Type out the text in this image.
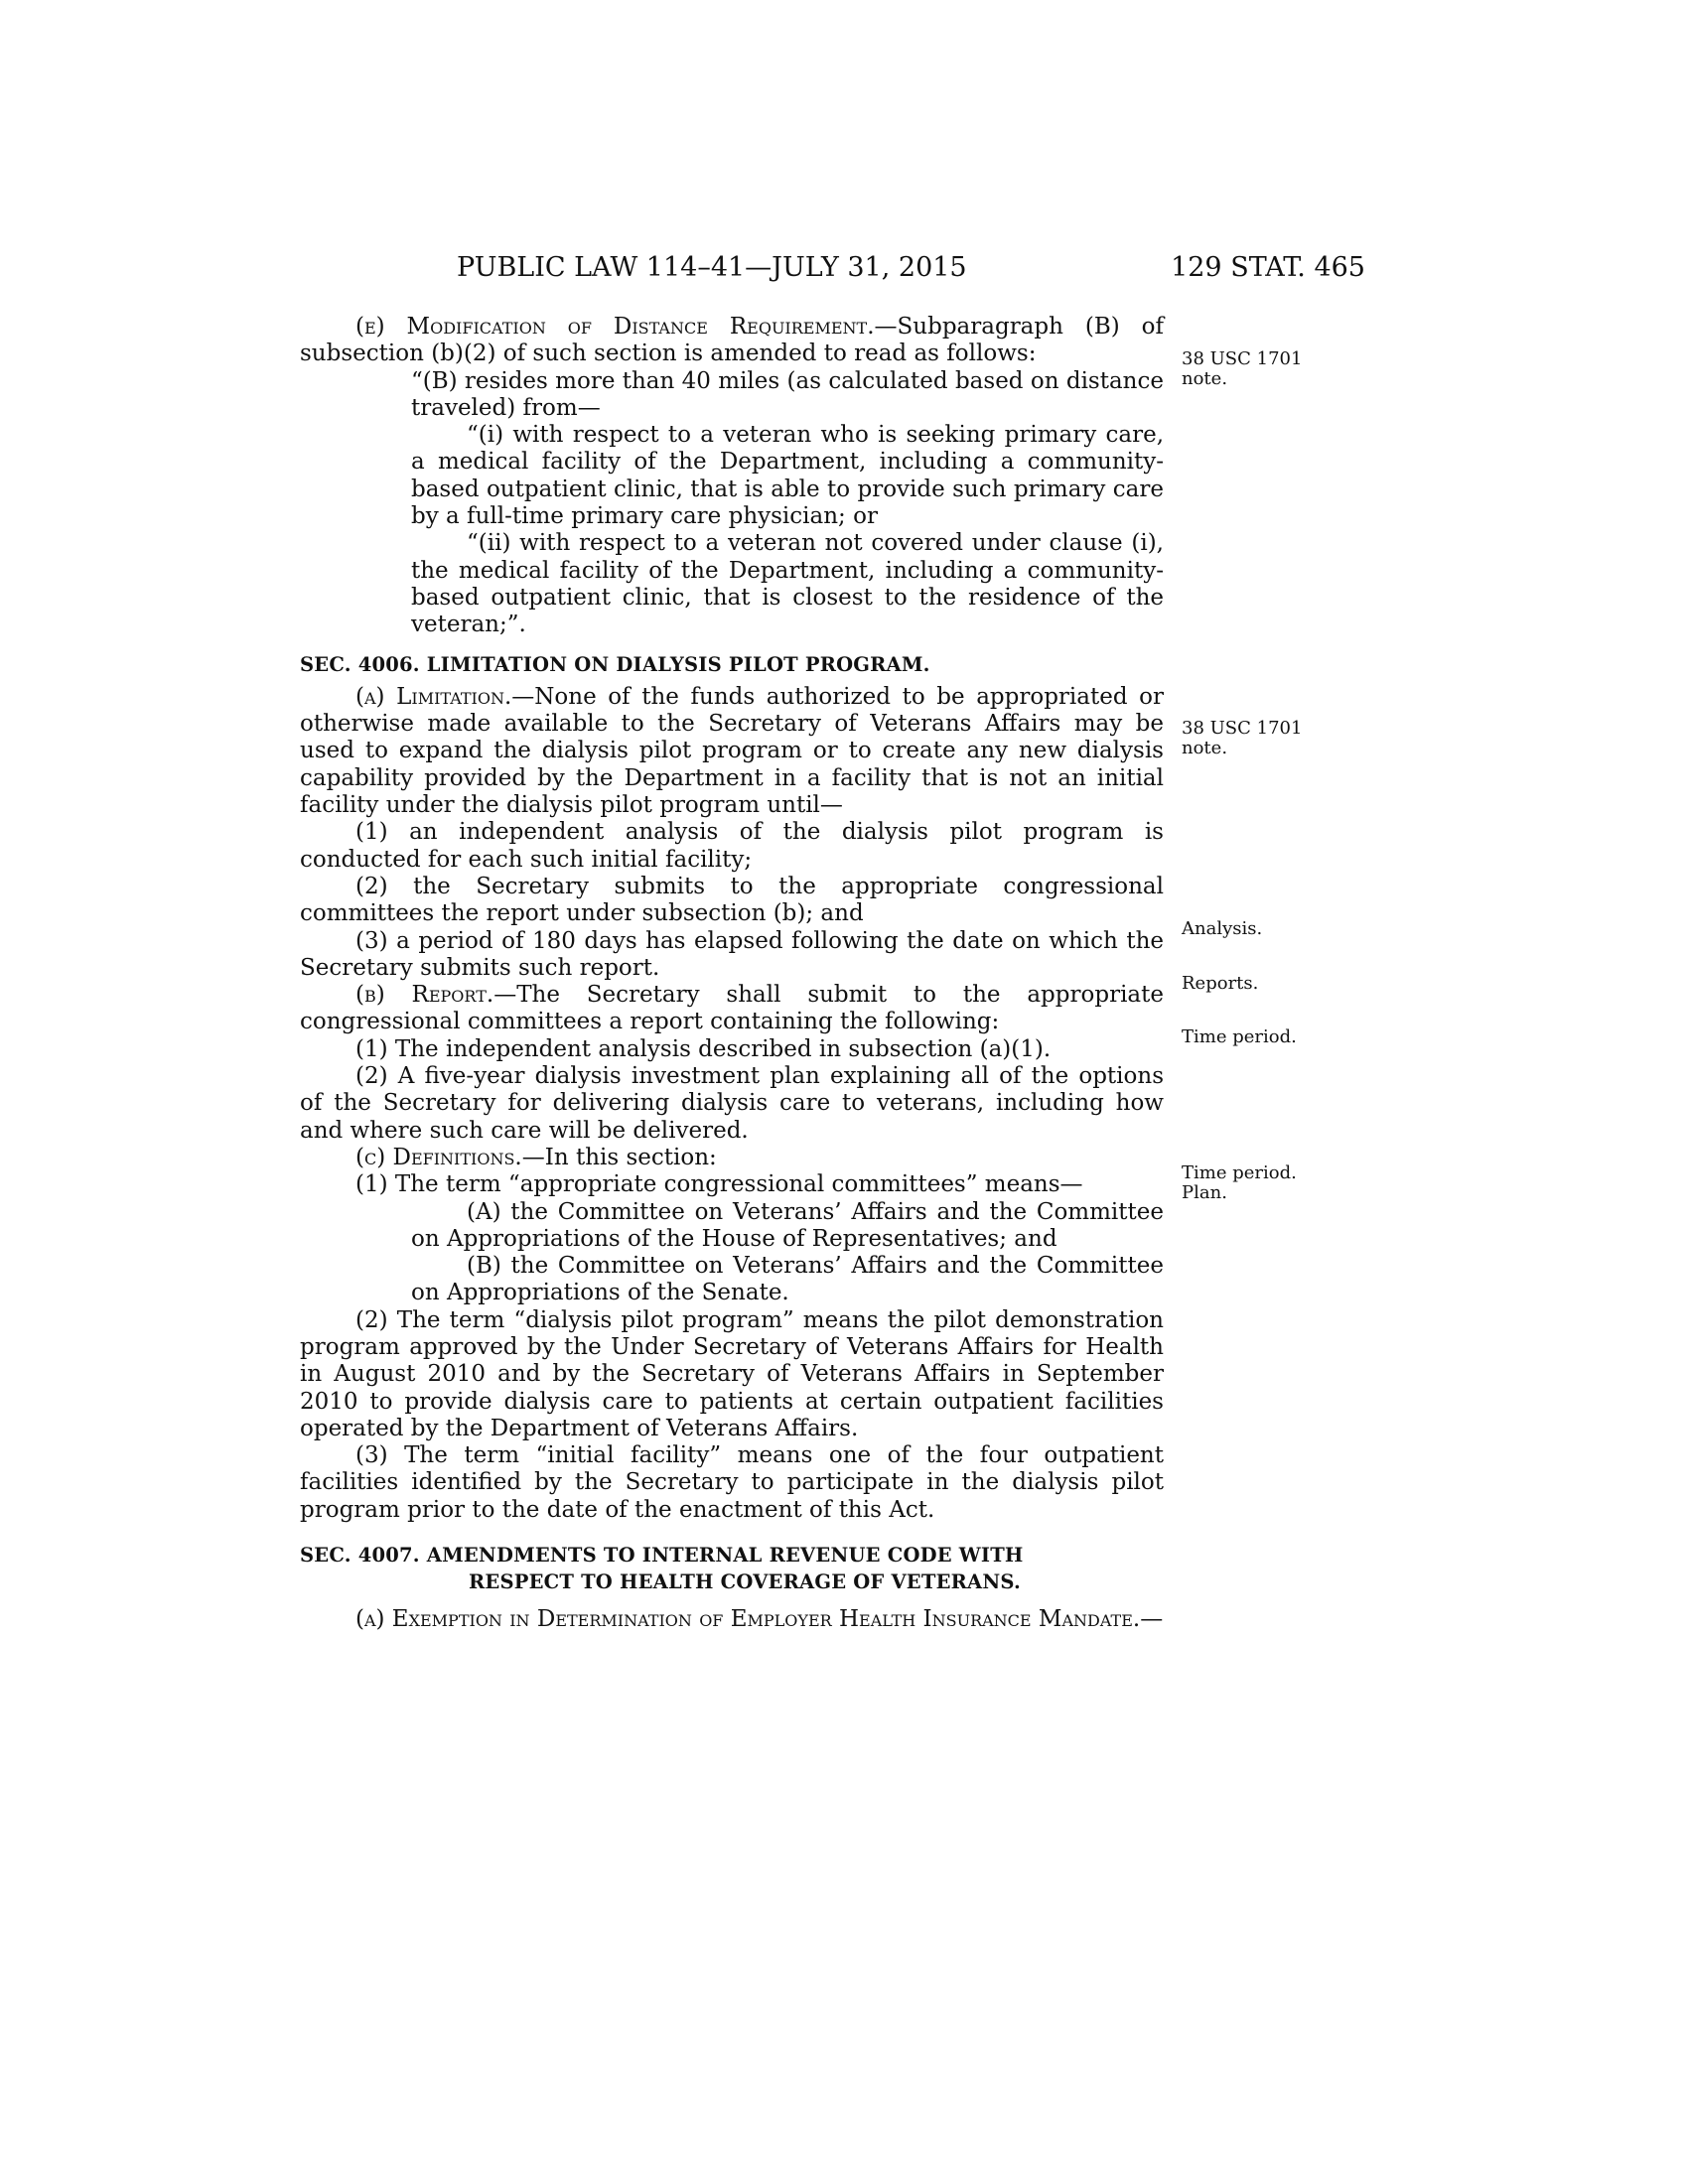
PUBLIC LAW 114–41—JULY 31, 2015	129 STAT. 465

(e) Modification of Distance Requirement.—Subparagraph (B) of subsection (b)(2) of such section is amended to read as follows:

“(B) resides more than 40 miles (as calculated based on distance traveled) from—

“(i) with respect to a veteran who is seeking primary care, a medical facility of the Department, including a community-based outpatient clinic, that is able to provide such primary care by a full-time primary care physician; or

“(ii) with respect to a veteran not covered under clause (i), the medical facility of the Department, including a community-based outpatient clinic, that is closest to the residence of the veteran;”.

SEC. 4006. LIMITATION ON DIALYSIS PILOT PROGRAM.

(a) Limitation.—None of the funds authorized to be appropriated or otherwise made available to the Secretary of Veterans Affairs may be used to expand the dialysis pilot program or to create any new dialysis capability provided by the Department in a facility that is not an initial facility under the dialysis pilot program until—

(1) an independent analysis of the dialysis pilot program is conducted for each such initial facility;

(2) the Secretary submits to the appropriate congressional committees the report under subsection (b); and

(3) a period of 180 days has elapsed following the date on which the Secretary submits such report.

(b) Report.—The Secretary shall submit to the appropriate congressional committees a report containing the following:

(1) The independent analysis described in subsection (a)(1).

(2) A five-year dialysis investment plan explaining all of the options of the Secretary for delivering dialysis care to veterans, including how and where such care will be delivered.

(c) Definitions.—In this section:

(1) The term “appropriate congressional committees” means—

(A) the Committee on Veterans’ Affairs and the Committee on Appropriations of the House of Representatives; and

(B) the Committee on Veterans’ Affairs and the Committee on Appropriations of the Senate.

(2) The term “dialysis pilot program” means the pilot demonstration program approved by the Under Secretary of Veterans Affairs for Health in August 2010 and by the Secretary of Veterans Affairs in September 2010 to provide dialysis care to patients at certain outpatient facilities operated by the Department of Veterans Affairs.

(3) The term “initial facility” means one of the four outpatient facilities identified by the Secretary to participate in the dialysis pilot program prior to the date of the enactment of this Act.

SEC. 4007. AMENDMENTS TO INTERNAL REVENUE CODE WITH

RESPECT TO HEALTH COVERAGE OF VETERANS.

(a) Exemption in Determination of Employer Health Insurance Mandate.—

38 USC 1701
note.
38 USC 1701
note.
Analysis.
Reports.
Time period.
Time period.
Plan.
